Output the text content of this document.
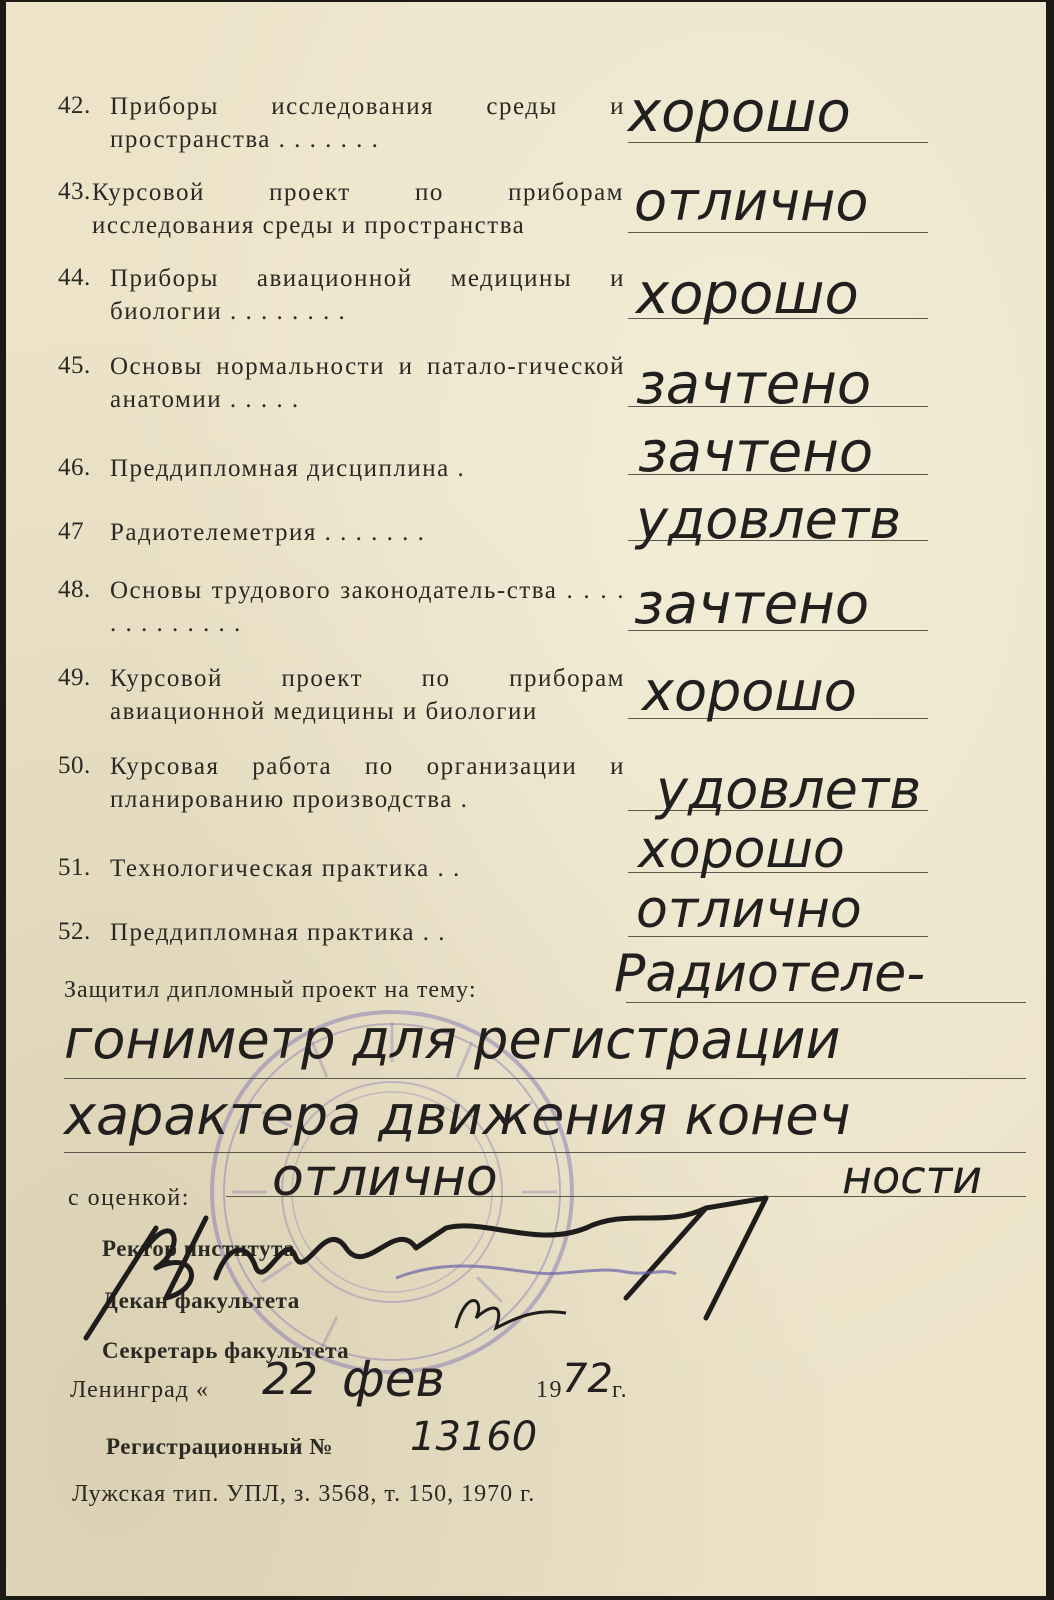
42. Приборы исследования среды и пространства . . . . . . .	хорошо
43. Курсовой проект по приборам исследования среды и пространства	отлично
44. Приборы авиационной медицины и биологии . . . . . . . .	хорошо
45. Основы нормальности и патало-гической анатомии . . . . .	зачтено
46. Преддипломная дисциплина .	зачтено
47 Радиотелеметрия . . . . . . .	удовлетв
48. Основы трудового законодатель-ства . . . . . . . . . . . . .	зачтено
49. Курсовой проект по приборам авиационной медицины и биологии	хорошо
50. Курсовая работа по организации и планированию производства .	удовлетв
51. Технологическая практика . .	хорошо
52. Преддипломная практика . .	отлично
Защитил дипломный проект на тему:	Радиотеле-
гониметр для регистрации
характера движения конеч
ности
с оценкой:	отлично
Ректор института
Декан факультета
Секретарь факультета
Ленинград «	22 фев	19 72 г.
Регистрационный №	13160
Лужская тип. УПЛ, з. 3568, т. 150, 1970 г.
